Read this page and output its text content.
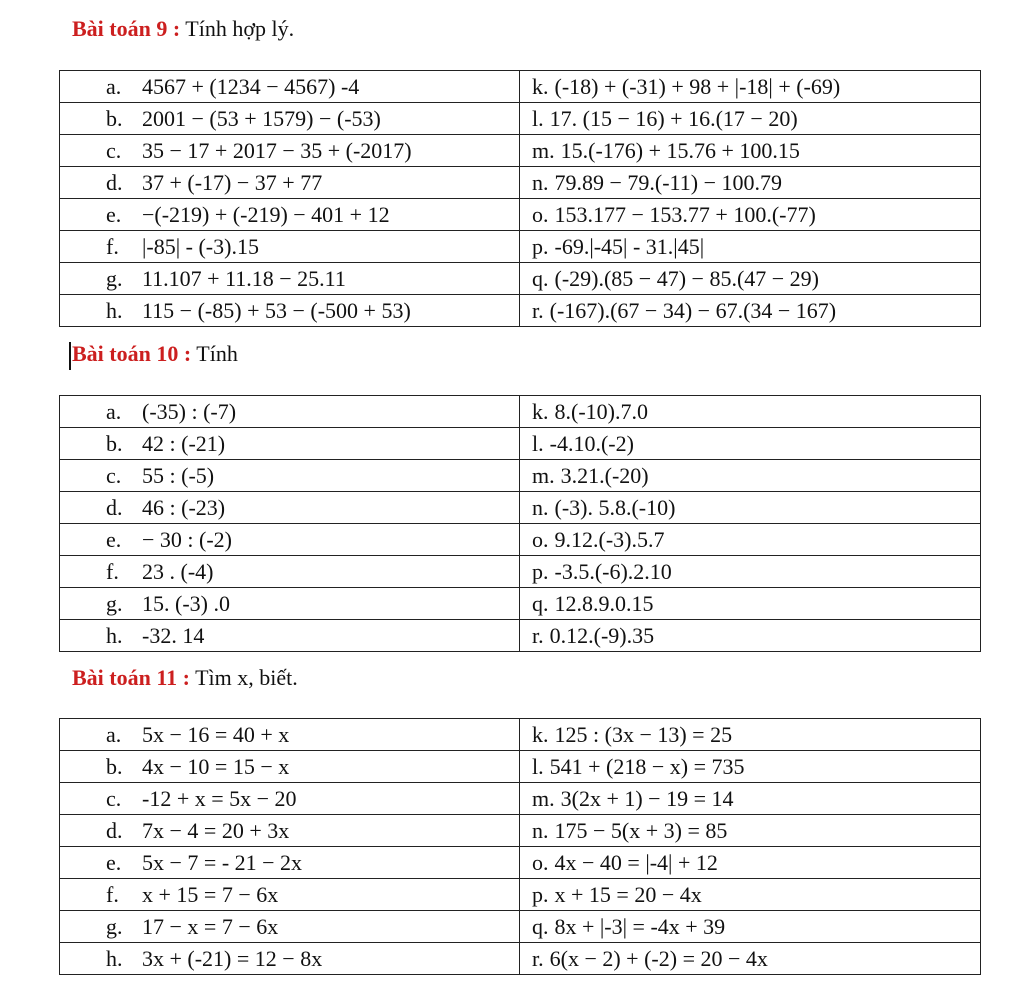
Bài toán 9 : Tính hợp lý.
a. 4567 + (1234 − 4567) -4	k. (-18) + (-31) + 98 + |-18| + (-69)
b. 2001 − (53 + 1579) − (-53)	l. 17. (15 − 16) + 16.(17 − 20)
c. 35 − 17 + 2017 − 35 + (-2017)	m. 15.(-176) + 15.76 + 100.15
d. 37 + (-17) − 37 + 77	n. 79.89 − 79.(-11) − 100.79
e. −(-219) + (-219) − 401 + 12	o. 153.177 − 153.77 + 100.(-77)
f. |-85| - (-3).15	p. -69.|-45| - 31.|45|
g. 11.107 + 11.18 − 25.11	q. (-29).(85 − 47) − 85.(47 − 29)
h. 115 − (-85) + 53 − (-500 + 53)	r. (-167).(67 − 34) − 67.(34 − 167)
Bài toán 10 : Tính
a. (-35) : (-7)	k. 8.(-10).7.0
b. 42 : (-21)	l. -4.10.(-2)
c. 55 : (-5)	m. 3.21.(-20)
d. 46 : (-23)	n. (-3). 5.8.(-10)
e. − 30 : (-2)	o. 9.12.(-3).5.7
f. 23 . (-4)	p. -3.5.(-6).2.10
g. 15. (-3) .0	q. 12.8.9.0.15
h. -32. 14	r. 0.12.(-9).35
Bài toán 11 : Tìm x, biết.
a. 5x − 16 = 40 + x	k. 125 : (3x − 13) = 25
b. 4x − 10 = 15 − x	l. 541 + (218 − x) = 735
c. -12 + x = 5x − 20	m. 3(2x + 1) − 19 = 14
d. 7x − 4 = 20 + 3x	n. 175 − 5(x + 3) = 85
e. 5x − 7 = - 21 − 2x	o. 4x − 40 = |-4| + 12
f. x + 15 = 7 − 6x	p. x + 15 = 20 − 4x
g. 17 − x = 7 − 6x	q. 8x + |-3| = -4x + 39
h. 3x + (-21) = 12 − 8x	r. 6(x − 2) + (-2) = 20 − 4x
